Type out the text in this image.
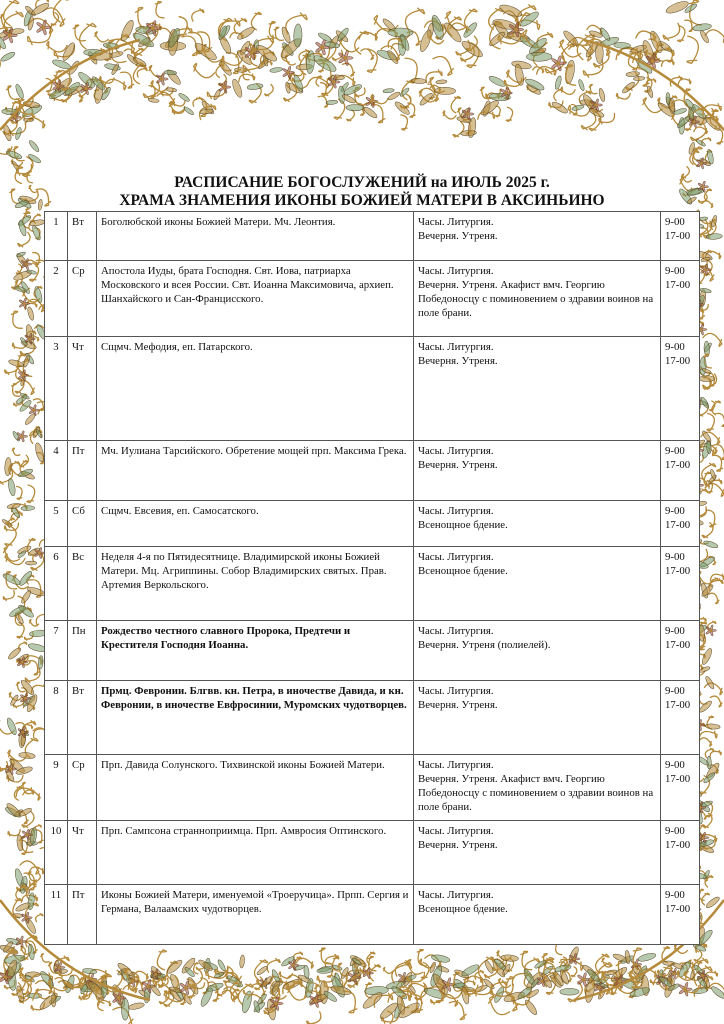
РАСПИСАНИЕ БОГОСЛУЖЕНИЙ на ИЮЛЬ 2025 г.
ХРАМА ЗНАМЕНИЯ ИКОНЫ БОЖИЕЙ МАТЕРИ В АКСИНЬИНО
1	Вт	Боголюбской иконы Божией Матери. Мч. Леонтия.	Часы. Литургия.
Вечерня. Утреня.	9-00
17-00

2	Ср	Апостола Иуды, брата Господня. Свт. Иова, патриарха Московского и всея России. Свт. Иоанна Максимовича, архиеп. Шанхайского и Сан-Францисского.	Часы. Литургия.
Вечерня. Утреня. Акафист вмч. Георгию Победоносцу с поминовением о здравии воинов на поле брани.	9-00
17-00

3	Чт	Сщмч. Мефодия, еп. Патарского.	Часы. Литургия.
Вечерня. Утреня.	9-00
17-00

4	Пт	Мч. Иулиана Тарсийского. Обретение мощей прп. Максима Грека.	Часы. Литургия.
Вечерня. Утреня.	9-00
17-00

5	Сб	Сщмч. Евсевия, еп. Самосатского.	Часы. Литургия.
Всенощное бдение.	9-00
17-00

6	Вс	Неделя 4-я по Пятидесятнице. Владимирской иконы Божией Матери. Мц. Агриппины. Собор Владимирских святых. Прав. Артемия Веркольского.	Часы. Литургия.
Всенощное бдение.	9-00
17-00

7	Пн	Рождество честного славного Пророка, Предтечи и Крестителя Господня Иоанна.	Часы. Литургия.
Вечерня. Утреня (полиелей).	9-00
17-00

8	Вт	Прмц. Февронии. Блгвв. кн. Петра, в иночестве Давида, и кн. Февронии, в иночестве Евфросинии, Муромских чудотворцев.	Часы. Литургия.
Вечерня. Утреня.	9-00
17-00

9	Ср	Прп. Давида Солунского. Тихвинской иконы Божией Матери.	Часы. Литургия.
Вечерня. Утреня. Акафист вмч. Георгию Победоносцу с поминовением о здравии воинов на поле брани.	9-00
17-00

10	Чт	Прп. Сампсона странноприимца. Прп. Амвросия Оптинского.	Часы. Литургия.
Вечерня. Утреня.	9-00
17-00

11	Пт	Иконы Божией Матери, именуемой «Троеручица». Прпп. Сергия и Германа, Валаамских чудотворцев.	Часы. Литургия.
Всенощное бдение.	9-00
17-00
